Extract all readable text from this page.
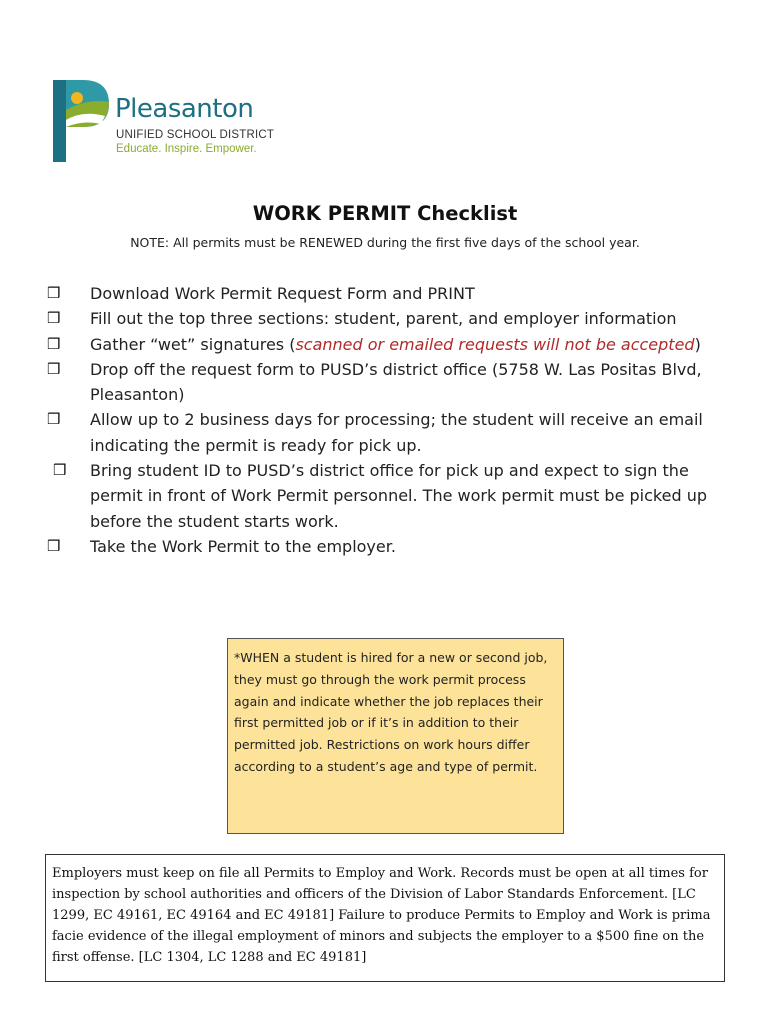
Pleasanton
UNIFIED SCHOOL DISTRICT
Educate. Inspire. Empower.
WORK PERMIT Checklist
NOTE: All permits must be RENEWED during the first five days of the school year.
❒ Download Work Permit Request Form and PRINT
❒ Fill out the top three sections: student, parent, and employer information
❒ Gather “wet” signatures (scanned or emailed requests will not be accepted)
❒ Drop off the request form to PUSD’s district office (5758 W. Las Positas Blvd, Pleasanton)
❒ Allow up to 2 business days for processing; the student will receive an email indicating the permit is ready for pick up.
❒ Bring student ID to PUSD’s district office for pick up and expect to sign the permit in front of Work Permit personnel. The work permit must be picked up before the student starts work.
❒ Take the Work Permit to the employer.
*WHEN a student is hired for a new or second job, they must go through the work permit process again and indicate whether the job replaces their first permitted job or if it’s in addition to their permitted job. Restrictions on work hours differ according to a student’s age and type of permit.
Employers must keep on file all Permits to Employ and Work. Records must be open at all times for inspection by school authorities and officers of the Division of Labor Standards Enforcement. [LC 1299, EC 49161, EC 49164 and EC 49181] Failure to produce Permits to Employ and Work is prima facie evidence of the illegal employment of minors and subjects the employer to a $500 fine on the first offense. [LC 1304, LC 1288 and EC 49181]
